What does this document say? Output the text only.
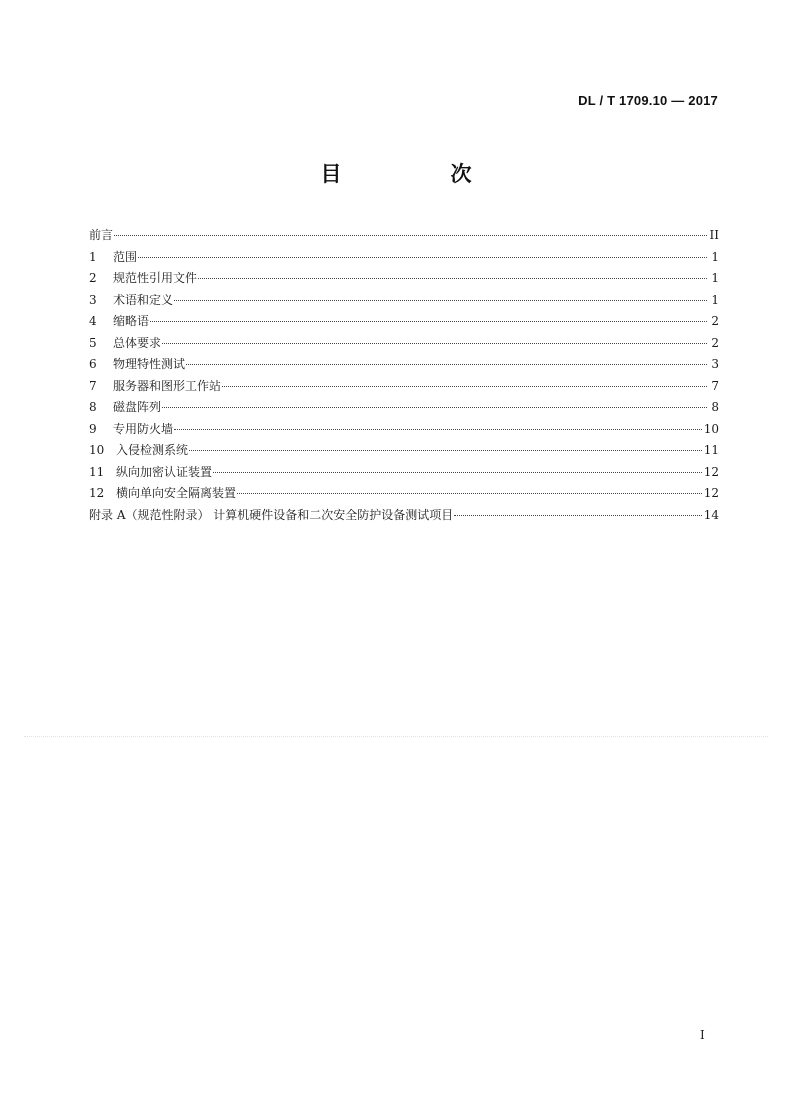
DL / T 1709.10 — 2017
目　次
前言	II
1	范围	1
2	规范性引用文件	1
3	术语和定义	1
4	缩略语	2
5	总体要求	2
6	物理特性测试	3
7	服务器和图形工作站	7
8	磁盘阵列	8
9	专用防火墙	10
10 入侵检测系统	11
11 纵向加密认证装置	12
12 横向单向安全隔离装置	12
附录 A（规范性附录） 计算机硬件设备和二次安全防护设备测试项目	14
I
